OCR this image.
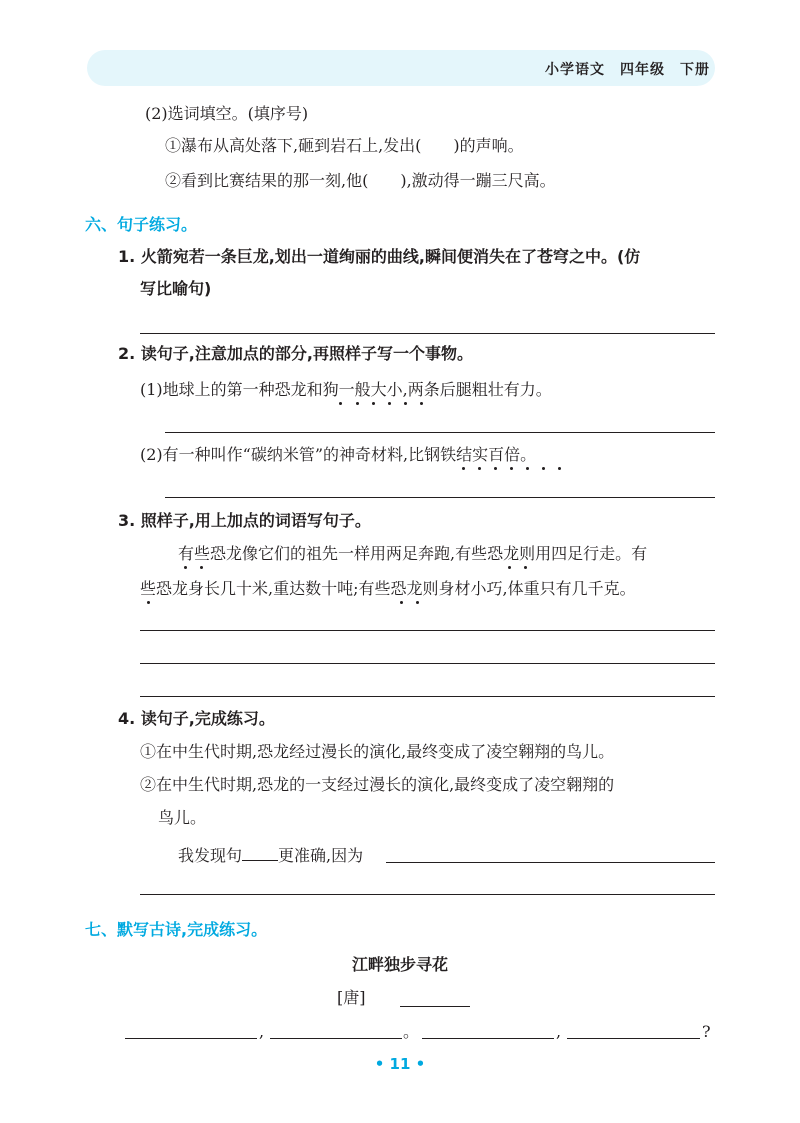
小学语文　四年级　下册
(2)选词填空。(填序号)
①瀑布从高处落下,砸到岩石上,发出(　　)的声响。
②看到比赛结果的那一刻,他(　　),激动得一蹦三尺高。
六、句子练习。
1. 火箭宛若一条巨龙,划出一道绚丽的曲线,瞬间便消失在了苍穹之中。(仿
写比喻句)
2. 读句子,注意加点的部分,再照样子写一个事物。
(1)地球上的第一种恐龙和狗一般大小,两条后腿粗壮有力。
(2)有一种叫作“碳纳米管”的神奇材料,比钢铁结实百倍。
3. 照样子,用上加点的词语写句子。
有些恐龙像它们的祖先一样用两足奔跑,有些恐龙则用四足行走。有
些恐龙身长几十米,重达数十吨;有些恐龙则身材小巧,体重只有几千克。
4. 读句子,完成练习。
①在中生代时期,恐龙经过漫长的演化,最终变成了凌空翱翔的鸟儿。
②在中生代时期,恐龙的一支经过漫长的演化,最终变成了凌空翱翔的
鸟儿。
我发现句 更准确,因为
七、默写古诗,完成练习。
江畔独步寻花
[唐]
,	。	,	?
• 11 •
